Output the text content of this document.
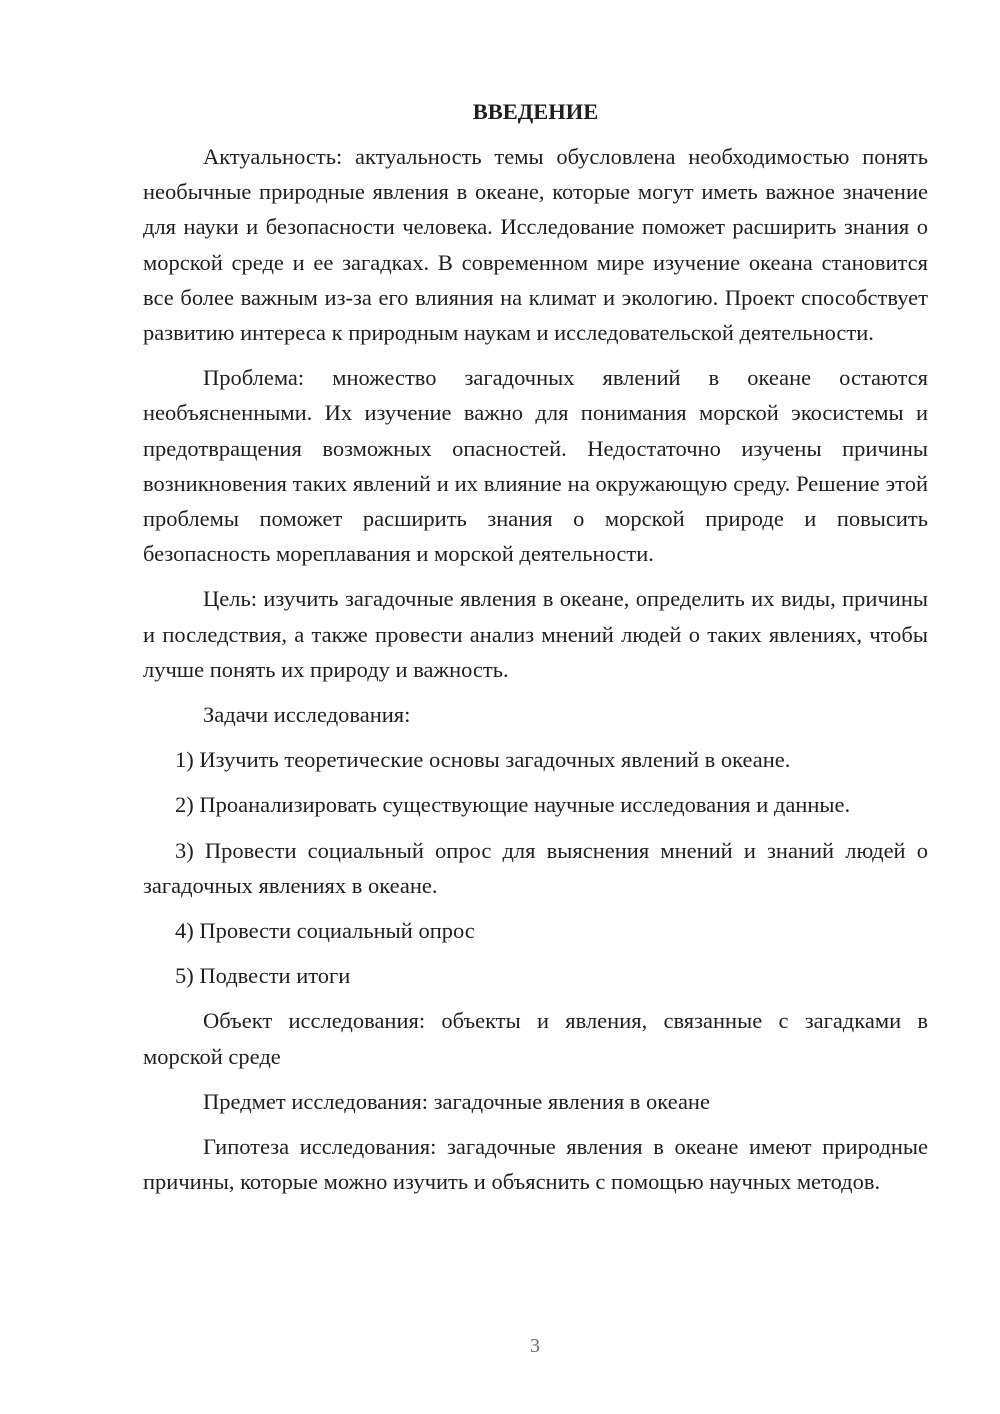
ВВЕДЕНИЕ

Актуальность: актуальность темы обусловлена необходимостью понять необычные природные явления в океане, которые могут иметь важное значение для науки и безопасности человека. Исследование поможет расширить знания о морской среде и ее загадках. В современном мире изучение океана становится все более важным из-за его влияния на климат и экологию. Проект способствует развитию интереса к природным наукам и исследовательской деятельности.

Проблема: множество загадочных явлений в океане остаются необъясненными. Их изучение важно для понимания морской экосистемы и предотвращения возможных опасностей. Недостаточно изучены причины возникновения таких явлений и их влияние на окружающую среду. Решение этой проблемы поможет расширить знания о морской природе и повысить безопасность мореплавания и морской деятельности.

Цель: изучить загадочные явления в океане, определить их виды, причины и последствия, а также провести анализ мнений людей о таких явлениях, чтобы лучше понять их природу и важность.

Задачи исследования:

1) Изучить теоретические основы загадочных явлений в океане.

2) Проанализировать существующие научные исследования и данные.

3) Провести социальный опрос для выяснения мнений и знаний людей о загадочных явлениях в океане.

4) Провести социальный опрос

5) Подвести итоги

Объект исследования: объекты и явления, связанные с загадками в морской среде

Предмет исследования: загадочные явления в океане

Гипотеза исследования: загадочные явления в океане имеют природные причины, которые можно изучить и объяснить с помощью научных методов.

3
